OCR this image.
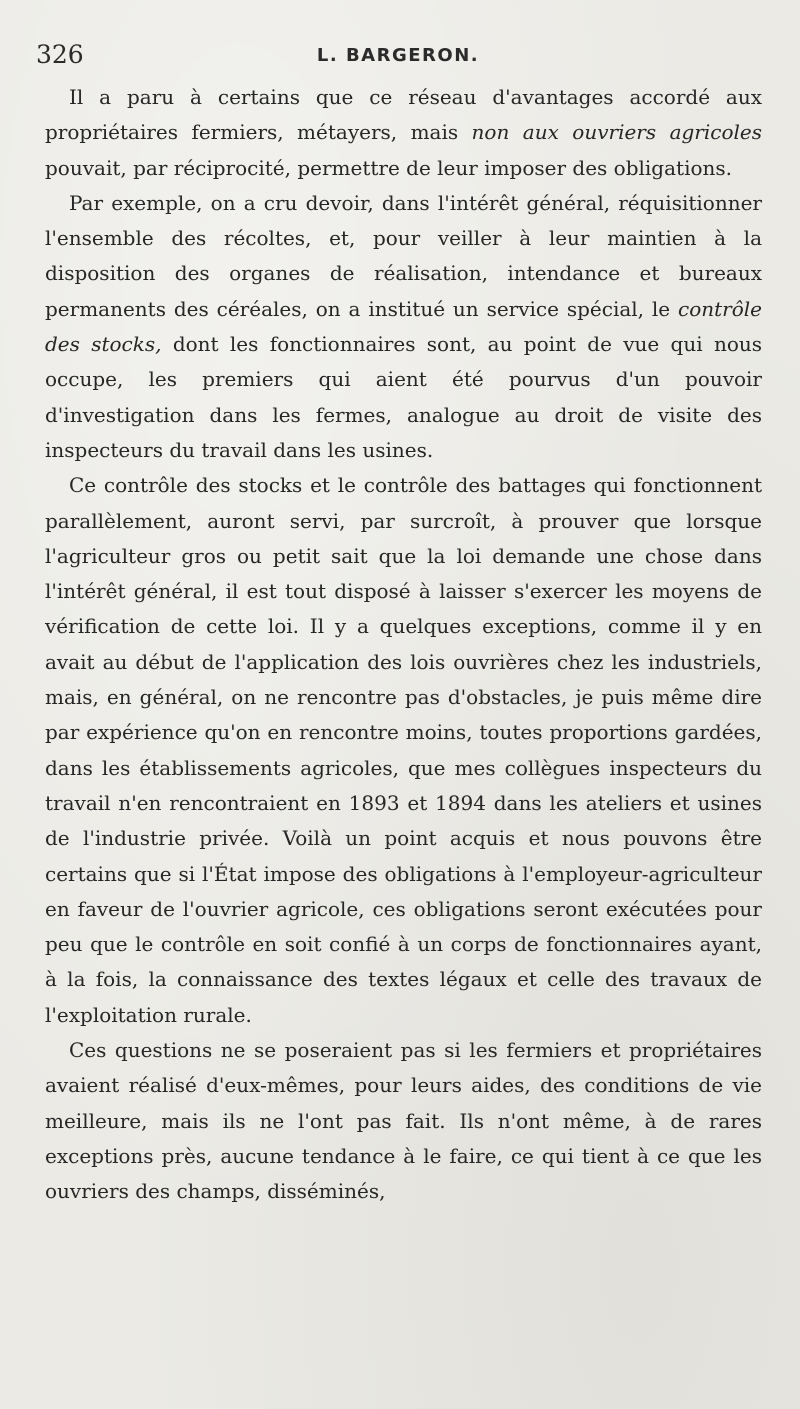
326	L. BARGERON.

Il a paru à certains que ce réseau d'avantages accordé aux propriétaires fermiers, métayers, mais non aux ouvriers agricoles pouvait, par réciprocité, permettre de leur imposer des obligations.

Par exemple, on a cru devoir, dans l'intérêt général, réquisitionner l'ensemble des récoltes, et, pour veiller à leur maintien à la disposition des organes de réalisation, intendance et bureaux permanents des céréales, on a institué un service spécial, le contrôle des stocks, dont les fonctionnaires sont, au point de vue qui nous occupe, les premiers qui aient été pourvus d'un pouvoir d'investigation dans les fermes, analogue au droit de visite des inspecteurs du travail dans les usines.

Ce contrôle des stocks et le contrôle des battages qui fonctionnent parallèlement, auront servi, par surcroît, à prouver que lorsque l'agriculteur gros ou petit sait que la loi demande une chose dans l'intérêt général, il est tout disposé à laisser s'exercer les moyens de vérification de cette loi. Il y a quelques exceptions, comme il y en avait au début de l'application des lois ouvrières chez les industriels, mais, en général, on ne rencontre pas d'obstacles, je puis même dire par expérience qu'on en rencontre moins, toutes proportions gardées, dans les établissements agricoles, que mes collègues inspecteurs du travail n'en rencontraient en 1893 et 1894 dans les ateliers et usines de l'industrie privée. Voilà un point acquis et nous pouvons être certains que si l'État impose des obligations à l'employeur-agriculteur en faveur de l'ouvrier agricole, ces obligations seront exécutées pour peu que le contrôle en soit confié à un corps de fonctionnaires ayant, à la fois, la connaissance des textes légaux et celle des travaux de l'exploitation rurale.

Ces questions ne se poseraient pas si les fermiers et propriétaires avaient réalisé d'eux-mêmes, pour leurs aides, des conditions de vie meilleure, mais ils ne l'ont pas fait. Ils n'ont même, à de rares exceptions près, aucune tendance à le faire, ce qui tient à ce que les ouvriers des champs, disséminés,
